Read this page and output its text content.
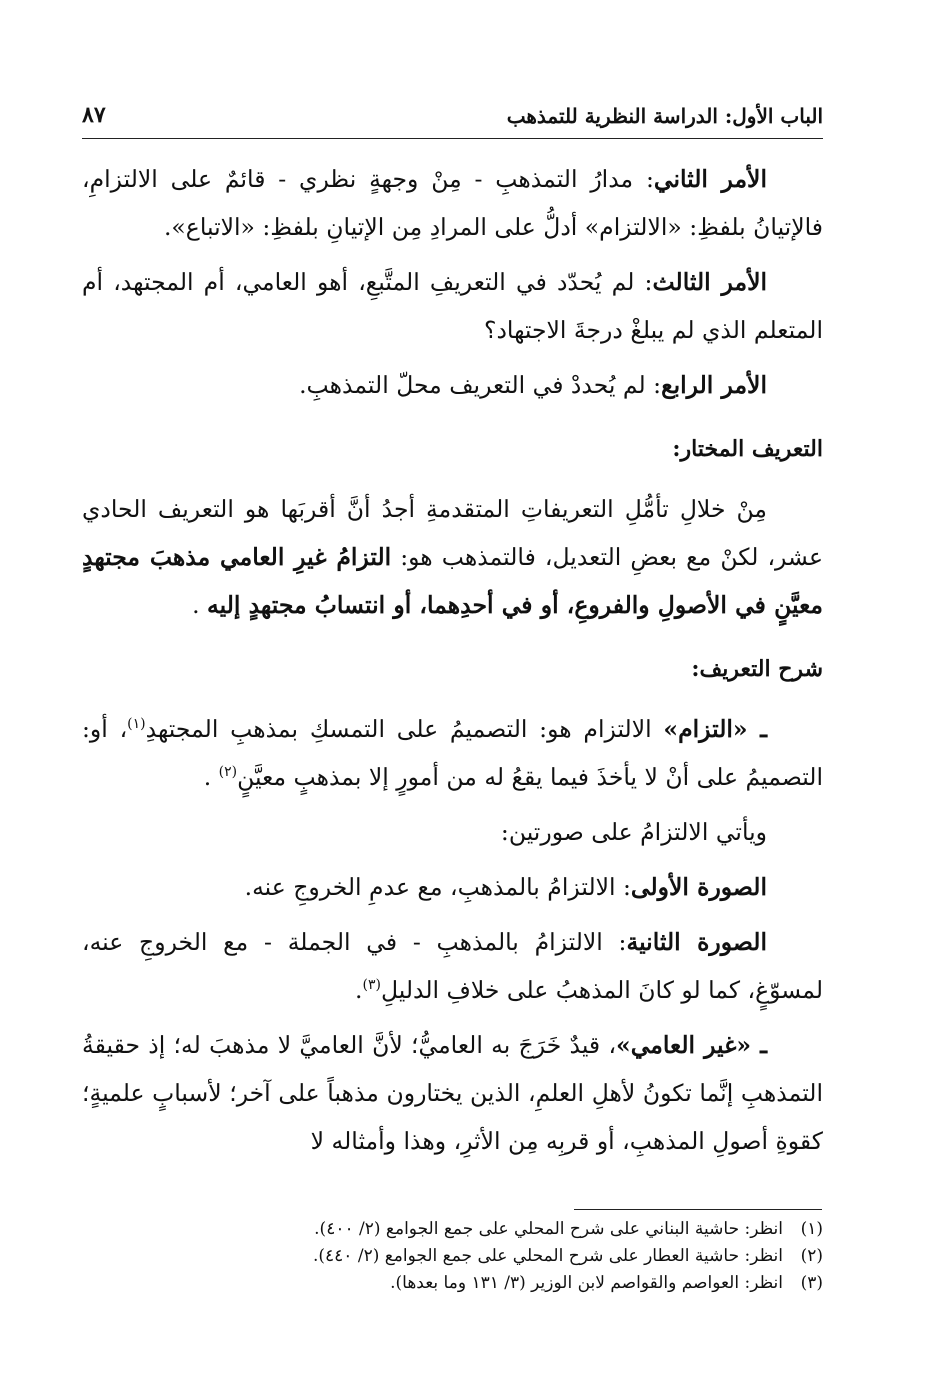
الباب الأول: الدراسة النظرية للتمذهب
٨٧

الأمر الثاني: مدارُ التمذهبِ - مِنْ وجهةٍ نظري - قائمٌ على الالتزامِ، فالإتيانُ بلفظِ: «الالتزام» أدلُّ على المرادِ مِن الإتيانِ بلفظِ: «الاتباع».

الأمر الثالث: لم يُحدّد في التعريفِ المتَّبعِ، أهو العامي، أم المجتهد، أم المتعلم الذي لم يبلغْ درجةَ الاجتهاد؟

الأمر الرابع: لم يُحددْ في التعريف محلّ التمذهبِ.

التعريف المختار:

مِنْ خلالِ تأمُّلِ التعريفاتِ المتقدمةِ أجدُ أنَّ أقربَها هو التعريف الحادي عشر، لكنْ مع بعضِ التعديل، فالتمذهب هو: التزامُ غيرِ العامي مذهبَ مجتهدٍ معيَّنٍ في الأصولِ والفروعِ، أو في أحدِهما، أو انتسابُ مجتهدٍ إليه .

شرح التعريف:

ـ «التزام» الالتزام هو: التصميمُ على التمسكِ بمذهبِ المجتهدِ$^{(١)}$، أو: التصميمُ على أنْ لا يأخذَ فيما يقعُ له من أمورٍ إلا بمذهبٍ معيَّنٍ$^{(٢)}$ .

ويأتي الالتزامُ على صورتين:

الصورة الأولى: الالتزامُ بالمذهبِ، مع عدمِ الخروجِ عنه.

الصورة الثانية: الالتزامُ بالمذهبِ - في الجملة - مع الخروجِ عنه، لمسوّغٍ، كما لو كانَ المذهبُ على خلافِ الدليلِ$^{(٣)}$.

ـ «غير العامي»، قيدٌ خَرَجَ به العاميُّ؛ لأنَّ العاميَّ لا مذهبَ له؛ إذ حقيقةُ التمذهبِ إنَّما تكونُ لأهلِ العلمِ، الذين يختارون مذهباً على آخر؛ لأسبابٍ علميةٍ؛ كقوةِ أصولِ المذهبِ، أو قربِه مِن الأثرِ، وهذا وأمثاله لا

(١)
انظر: حاشية البناني على شرح المحلي على جمع الجوامع (٢/ ٤٠٠).
(٢)
انظر: حاشية العطار على شرح المحلي على جمع الجوامع (٢/ ٤٤٠).
(٣)
انظر: العواصم والقواصم لابن الوزير (٣/ ١٣١ وما بعدها).
